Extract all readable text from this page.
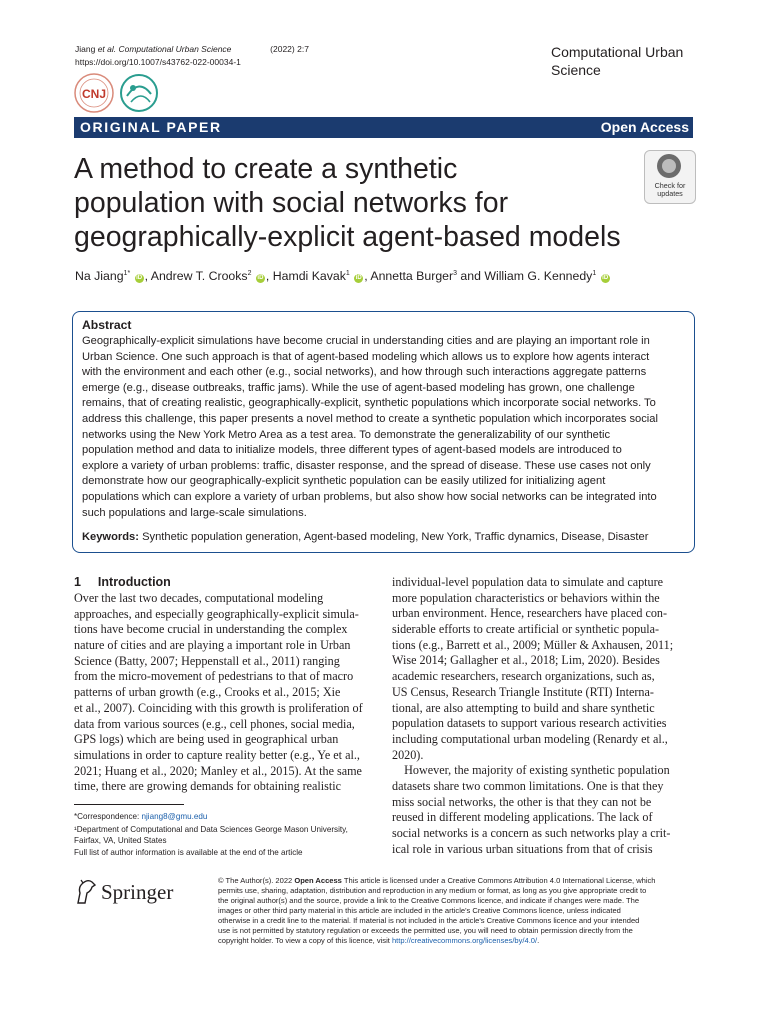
Jiang et al. Computational Urban Science	(2022) 2:7
https://doi.org/10.1007/s43762-022-00034-1
CNJ
Computational Urban
Science
ORIGINAL PAPER	Open Access
A method to create a synthetic
population with social networks for
geographically-explicit agent-based models
Check for
updates
Na Jiang$^{1*}$ iD , Andrew T. Crooks$^2$ iD , Hamdi Kavak$^1$ iD , Annetta Burger$^3$ and William G. Kennedy$^1$ iD
Abstract
Geographically-explicit simulations have become crucial in understanding cities and are playing an important role in
Urban Science. One such approach is that of agent-based modeling which allows us to explore how agents interact
with the environment and each other (e.g., social networks), and how through such interactions aggregate patterns
emerge (e.g., disease outbreaks, traffic jams). While the use of agent-based modeling has grown, one challenge
remains, that of creating realistic, geographically-explicit, synthetic populations which incorporate social networks. To
address this challenge, this paper presents a novel method to create a synthetic population which incorporates social
networks using the New York Metro Area as a test area. To demonstrate the generalizability of our synthetic
population method and data to initialize models, three different types of agent-based models are introduced to
explore a variety of urban problems: traffic, disaster response, and the spread of disease. These use cases not only
demonstrate how our geographically-explicit synthetic population can be easily utilized for initializing agent
populations which can explore a variety of urban problems, but also show how social networks can be integrated into
such populations and large-scale simulations.
Keywords: Synthetic population generation, Agent-based modeling, New York, Traffic dynamics, Disease, Disaster
1 Introduction
Over the last two decades, computational modeling
approaches, and especially geographically-explicit simula-
tions have become crucial in understanding the complex
nature of cities and are playing a important role in Urban
Science (Batty, 2007; Heppenstall et al., 2011) ranging
from the micro-movement of pedestrians to that of macro
patterns of urban growth (e.g., Crooks et al., 2015; Xie
et al., 2007). Coinciding with this growth is proliferation of
data from various sources (e.g., cell phones, social media,
GPS logs) which are being used in geographical urban
simulations in order to capture reality better (e.g., Ye et al.,
2021; Huang et al., 2020; Manley et al., 2015). At the same
time, there are growing demands for obtaining realistic
individual-level population data to simulate and capture
more population characteristics or behaviors within the
urban environment. Hence, researchers have placed con-
siderable efforts to create artificial or synthetic popula-
tions (e.g., Barrett et al., 2009; Müller & Axhausen, 2011;
Wise 2014; Gallagher et al., 2018; Lim, 2020). Besides
academic researchers, research organizations, such as,
US Census, Research Triangle Institute (RTI) Interna-
tional, are also attempting to build and share synthetic
population datasets to support various research activities
including computational urban modeling (Renardy et al.,
2020).
However, the majority of existing synthetic population
datasets share two common limitations. One is that they
miss social networks, the other is that they can not be
reused in different modeling applications. The lack of
social networks is a concern as such networks play a crit-
ical role in various urban situations from that of crisis
*Correspondence: njiang8@gmu.edu
¹Department of Computational and Data Sciences George Mason University,
Fairfax, VA, United States
Full list of author information is available at the end of the article
Springer	© The Author(s). 2022 Open Access This article is licensed under a Creative Commons Attribution 4.0 International License, which
permits use, sharing, adaptation, distribution and reproduction in any medium or format, as long as you give appropriate credit to
the original author(s) and the source, provide a link to the Creative Commons licence, and indicate if changes were made. The
images or other third party material in this article are included in the article's Creative Commons licence, unless indicated
otherwise in a credit line to the material. If material is not included in the article's Creative Commons licence and your intended
use is not permitted by statutory regulation or exceeds the permitted use, you will need to obtain permission directly from the
copyright holder. To view a copy of this licence, visit http://creativecommons.org/licenses/by/4.0/.
